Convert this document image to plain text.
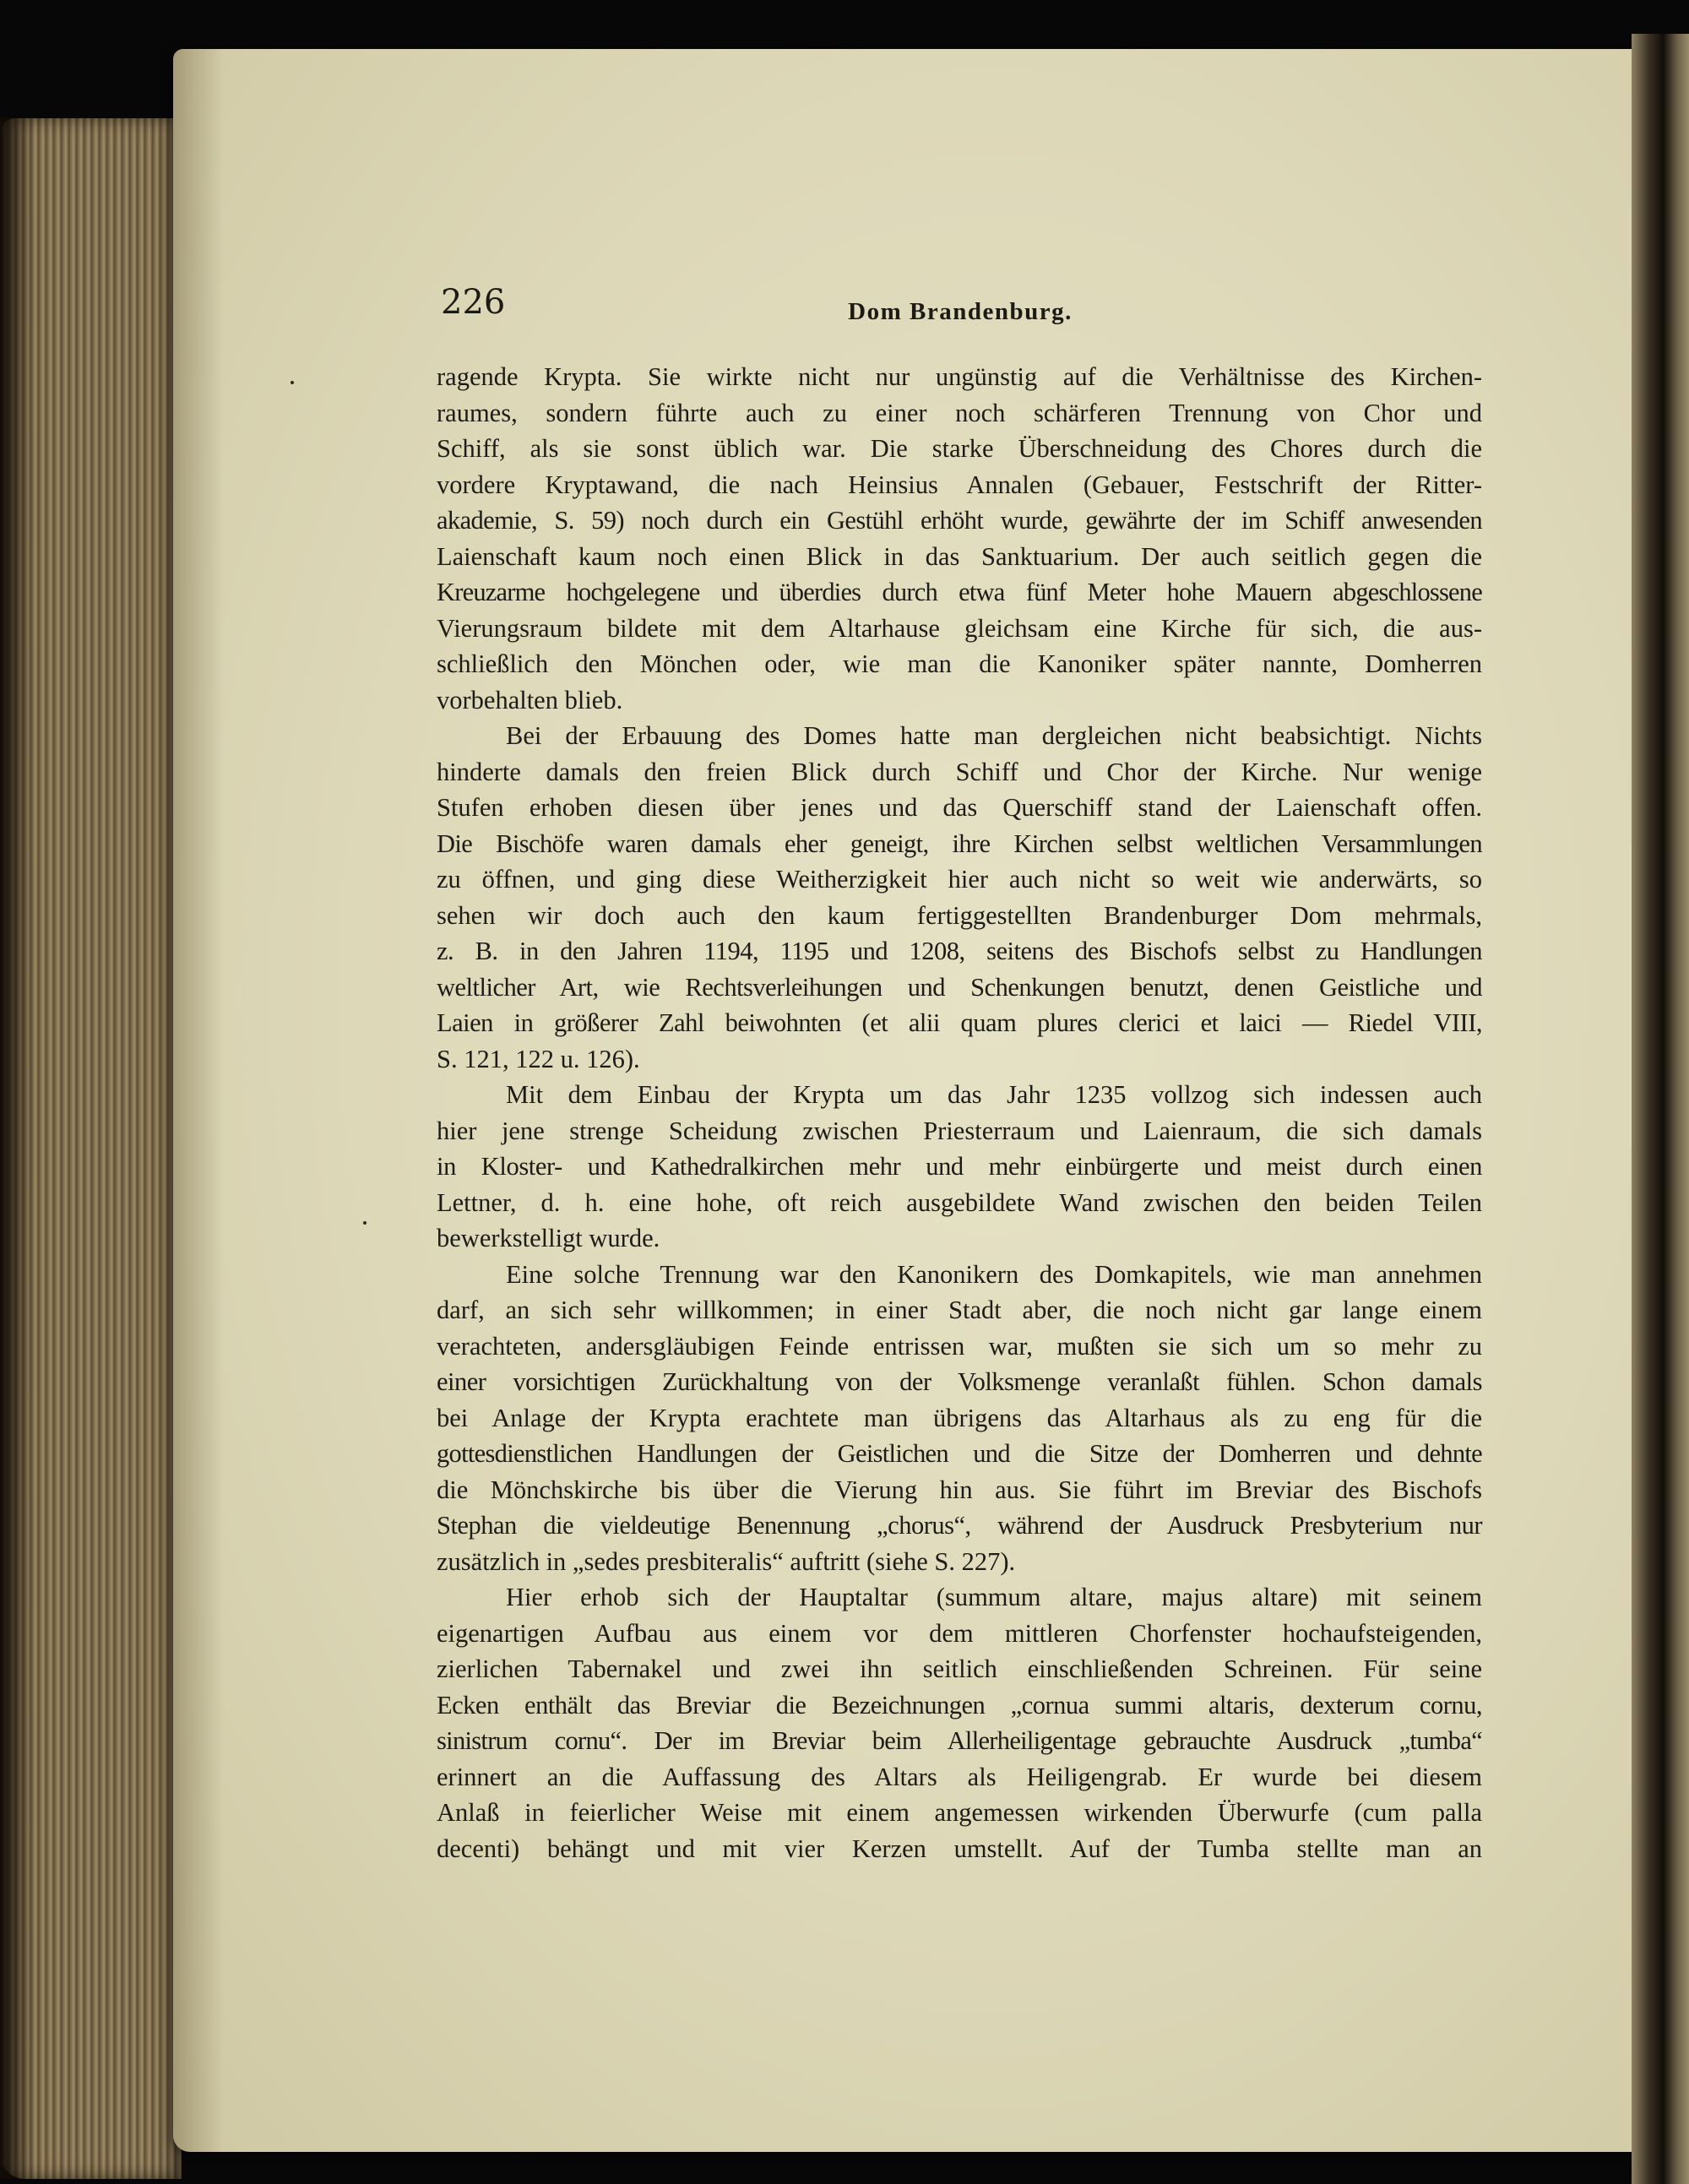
226	Dom Brandenburg.
ragende Krypta. Sie wirkte nicht nur ungünstig auf die Verhältnisse des Kirchen-
raumes, sondern führte auch zu einer noch schärferen Trennung von Chor und
Schiff, als sie sonst üblich war. Die starke Überschneidung des Chores durch die
vordere Kryptawand, die nach Heinsius Annalen (Gebauer, Festschrift der Ritter-
akademie, S. 59) noch durch ein Gestühl erhöht wurde, gewährte der im Schiff anwesenden
Laienschaft kaum noch einen Blick in das Sanktuarium. Der auch seitlich gegen die
Kreuzarme hochgelegene und überdies durch etwa fünf Meter hohe Mauern abgeschlossene
Vierungsraum bildete mit dem Altarhause gleichsam eine Kirche für sich, die aus-
schließlich den Mönchen oder, wie man die Kanoniker später nannte, Domherren
vorbehalten blieb.
Bei der Erbauung des Domes hatte man dergleichen nicht beabsichtigt. Nichts
hinderte damals den freien Blick durch Schiff und Chor der Kirche. Nur wenige
Stufen erhoben diesen über jenes und das Querschiff stand der Laienschaft offen.
Die Bischöfe waren damals eher geneigt, ihre Kirchen selbst weltlichen Versammlungen
zu öffnen, und ging diese Weitherzigkeit hier auch nicht so weit wie anderwärts, so
sehen wir doch auch den kaum fertiggestellten Brandenburger Dom mehrmals,
z. B. in den Jahren 1194, 1195 und 1208, seitens des Bischofs selbst zu Handlungen
weltlicher Art, wie Rechtsverleihungen und Schenkungen benutzt, denen Geistliche und
Laien in größerer Zahl beiwohnten (et alii quam plures clerici et laici — Riedel VIII,
S. 121, 122 u. 126).
Mit dem Einbau der Krypta um das Jahr 1235 vollzog sich indessen auch
hier jene strenge Scheidung zwischen Priesterraum und Laienraum, die sich damals
in Kloster- und Kathedralkirchen mehr und mehr einbürgerte und meist durch einen
Lettner, d. h. eine hohe, oft reich ausgebildete Wand zwischen den beiden Teilen
bewerkstelligt wurde.
Eine solche Trennung war den Kanonikern des Domkapitels, wie man annehmen
darf, an sich sehr willkommen; in einer Stadt aber, die noch nicht gar lange einem
verachteten, andersgläubigen Feinde entrissen war, mußten sie sich um so mehr zu
einer vorsichtigen Zurückhaltung von der Volksmenge veranlaßt fühlen. Schon damals
bei Anlage der Krypta erachtete man übrigens das Altarhaus als zu eng für die
gottesdienstlichen Handlungen der Geistlichen und die Sitze der Domherren und dehnte
die Mönchskirche bis über die Vierung hin aus. Sie führt im Breviar des Bischofs
Stephan die vieldeutige Benennung „chorus“, während der Ausdruck Presbyterium nur
zusätzlich in „sedes presbiteralis“ auftritt (siehe S. 227).
Hier erhob sich der Hauptaltar (summum altare, majus altare) mit seinem
eigenartigen Aufbau aus einem vor dem mittleren Chorfenster hochaufsteigenden,
zierlichen Tabernakel und zwei ihn seitlich einschließenden Schreinen. Für seine
Ecken enthält das Breviar die Bezeichnungen „cornua summi altaris, dexterum cornu,
sinistrum cornu“. Der im Breviar beim Allerheiligentage gebrauchte Ausdruck „tumba“
erinnert an die Auffassung des Altars als Heiligengrab. Er wurde bei diesem
Anlaß in feierlicher Weise mit einem angemessen wirkenden Überwurfe (cum palla
decenti) behängt und mit vier Kerzen umstellt. Auf der Tumba stellte man an
